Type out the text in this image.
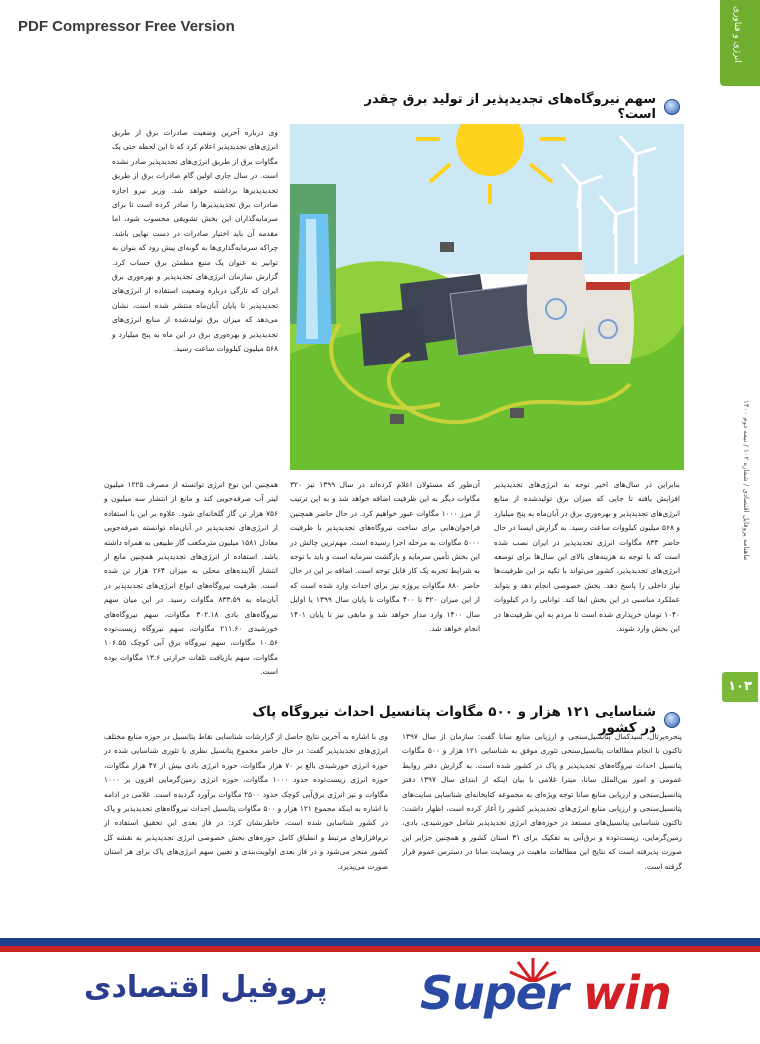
PDF Compressor Free Version	انرژی و فناوری
ماهنامه پروفایل اقتصادی / شماره ۱۰۲ / نیمه دوم ۱۴۰۰
۱۰۳
سهم نیروگاه‌های تجدیدپذیر از تولید برق چقدر است؟
وی درباره آخرین وضعیت صادرات برق از طریق انرژی‌های تجدیدپذیر اعلام کرد که تا این لحظه حتی یک مگاوات برق از طریق انرژی‌های تجدیدپذیر صادر نشده است. در سال جاری اولین گام صادرات برق از طریق تجدیدپذیرها برداشته خواهد شد. وزیر نیرو اجازه صادرات برق تجدیدپذیرها را صادر کرده است تا برای سرمایه‌گذاران این بخش تشویقی محسوب شود، اما مقدمه آن باید اختیار صادرات در دست نهایی باشد. چراکه سرمایه‌گذاری‌ها به گونه‌ای پیش رود که بتوان به توانیر به عنوان یک منبع مطمئن برق حساب کرد. گزارش سازمان انرژی‌های تجدیدپذیر و بهره‌وری برق ایران که تازگی درباره وضعیت استفاده از انرژی‌های تجدیدپذیر تا پایان آبان‌ماه منتشر شده است، نشان می‌دهد که میزان برق تولیدشده از منابع انرژی‌های تجدیدپذیر و بهره‌وری برق در این ماه به پنج میلیارد و ۵۶۸ میلیون کیلووات ساعت رسید.
همچنین این نوع انرژی توانسته از مصرف ۱۲۲۵ میلیون لیتر آب صرفه‌جویی کند و مانع از انتشار سه میلیون و ۷۵۶ هزار تن گاز گلخانه‌ای شود. علاوه بر این با استفاده از انرژی‌های تجدیدپذیر در آبان‌ماه توانسته صرفه‌جویی معادل ۱۵۸۱ میلیون مترمکعب گاز طبیعی به همراه داشته باشد. استفاده از انرژی‌های تجدیدپذیر همچنین مانع از انتشار آلاینده‌های محلی به میزان ۲۶۴ هزار تن شده است. ظرفیت نیروگاه‌های انواع انرژی‌های تجدیدپذیر در آبان‌ماه به ۸۳۳.۵۹ مگاوات رسید. در این میان سهم نیروگاه‌های بادی ۳۰۲.۱۸ مگاوات، سهم نیروگاه‌های خورشیدی ۲۱۱.۶۰ مگاوات، سهم نیروگاه زیست‌توده ۱۰.۵۶ مگاوات، سهم نیروگاه برق آبی کوچک ۱۰۶.۵۵ مگاوات، سهم بازیافت تلفات حرارتی ۱۳.۶ مگاوات بوده است.
آن‌طور که مسئولان اعلام کرده‌اند در سال ۱۳۹۹ نیز ۳۲۰ مگاوات دیگر به این ظرفیت اضافه خواهد شد و به این ترتیب از مرز ۱۰۰۰ مگاوات عبور خواهیم کرد. در حال حاضر همچنین فراخوان‌هایی برای ساخت نیروگاه‌های تجدیدپذیر با ظرفیت ۵۰۰۰ مگاوات به مرحله اجرا رسیده است. مهم‌ترین چالش در این بخش تأمین سرمایه و بازگشت سرمایه است و باید با توجه به شرایط تجربه یک کار قابل توجه است. اضافه بر این در حال حاضر ۸۸۰ مگاوات پروژه نیز برای احداث وارد شده است که از این میزان ۳۲۰ تا ۴۰۰ مگاوات تا پایان سال ۱۳۹۹ یا اوایل سال ۱۴۰۰ وارد مدار خواهد شد و مابقی نیز تا پایان ۱۴۰۱ انجام خواهد شد.
بنابراین در سال‌های اخیر توجه به انرژی‌های تجدیدپذیر افزایش یافته تا جایی که میزان برق تولیدشده از منابع انرژی‌های تجدیدپذیر و بهره‌وری برق در آبان‌ماه به پنج میلیارد و ۵۶۸ میلیون کیلووات ساعت رسید. به گزارش ایسنا در حال حاضر ۸۳۴ مگاوات انرژی تجدیدپذیر در ایران نصب شده است که با توجه به هزینه‌های بالای این سال‌ها برای توسعه انرژی‌های تجدیدپذیر، کشور می‌تواند با تکیه بر این ظرفیت‌ها نیاز داخلی را پاسخ دهد. بخش خصوصی انجام دهد و بتواند عملکرد مناسبی در این بخش ایفا کند. توانایی را در کیلووات ۱۰۴۰ تومان خریداری شده است تا مردم به این ظرفیت‌ها در این بخش وارد شوند.
شناسایی ۱۲۱ هزار و ۵۰۰ مگاوات پتانسیل احداث نیروگاه پاک در کشور
پنجره‌پرتال، سیدکمال پتانسیل‌سنجی و ارزیابی منابع سانا گفت: سازمان از سال ۱۳۹۷ تاکنون با انجام مطالعات پتانسیل‌سنجی تئوری موفق به شناسایی ۱۲۱ هزار و ۵۰۰ مگاوات پتانسیل احداث نیروگاه‌های تجدیدپذیر و پاک در کشور شده است. به گزارش دفتر روابط عمومی و امور بین‌الملل سانا، میترا غلامی با بیان اینکه از ابتدای سال ۱۳۹۷ دفتر پتانسیل‌سنجی و ارزیابی منابع سانا توجه ویژه‌ای به مجموعه کتابخانه‌ای شناسایی سایت‌های پتانسیل‌سنجی و ارزیابی منابع انرژی‌های تجدیدپذیر کشور را آغاز کرده است، اظهار داشت: تاکنون شناسایی پتانسیل‌های مستعد در حوزه‌های انرژی تجدیدپذیر شامل خورشیدی، بادی، زمین‌گرمایی، زیست‌توده و برق‌آبی به تفکیک برای ۳۱ استان کشور و همچنین جزایر این صورت پذیرفته است که نتایج این مطالعات ماهیت در وبسایت سانا در دسترس عموم قرار گرفته است.
وی با اشاره به آخرین نتایج حاصل از گزارشات شناسایی نقاط پتانسیل در حوزه منابع مختلف انرژی‌های تجدیدپذیر گفت: در حال حاضر مجموع پتانسیل نظری یا تئوری شناسایی شده در حوزه انرژی خورشیدی بالغ بر ۷۰ هزار مگاوات، حوزه انرژی بادی بیش از ۴۷ هزار مگاوات، حوزه انرژی زیست‌توده حدود ۱۰۰۰ مگاوات، حوزه انرژی زمین‌گرمایی افزون بر ۱۰۰۰ مگاوات و نیز انرژی برق‌آبی کوچک حدود ۲۵۰۰ مگاوات برآورد گردیده است. غلامی در ادامه با اشاره به اینکه مجموع ۱۲۱ هزار و ۵۰۰ مگاوات پتانسیل احداث نیروگاه‌های تجدیدپذیر و پاک در کشور شناسایی شده است، خاطرنشان کرد: در فاز بعدی این تحقیق استفاده از نرم‌افزارهای مرتبط و انطباق کامل حوزه‌های بخش خصوصی انرژی تجدیدپذیر به نقشه کل کشور منجر می‌شود و در فاز بعدی اولویت‌بندی و تعیین سهم انرژی‌های پاک برای هر استان صورت می‌پذیرد.
پروفیل اقتصادی Super win
